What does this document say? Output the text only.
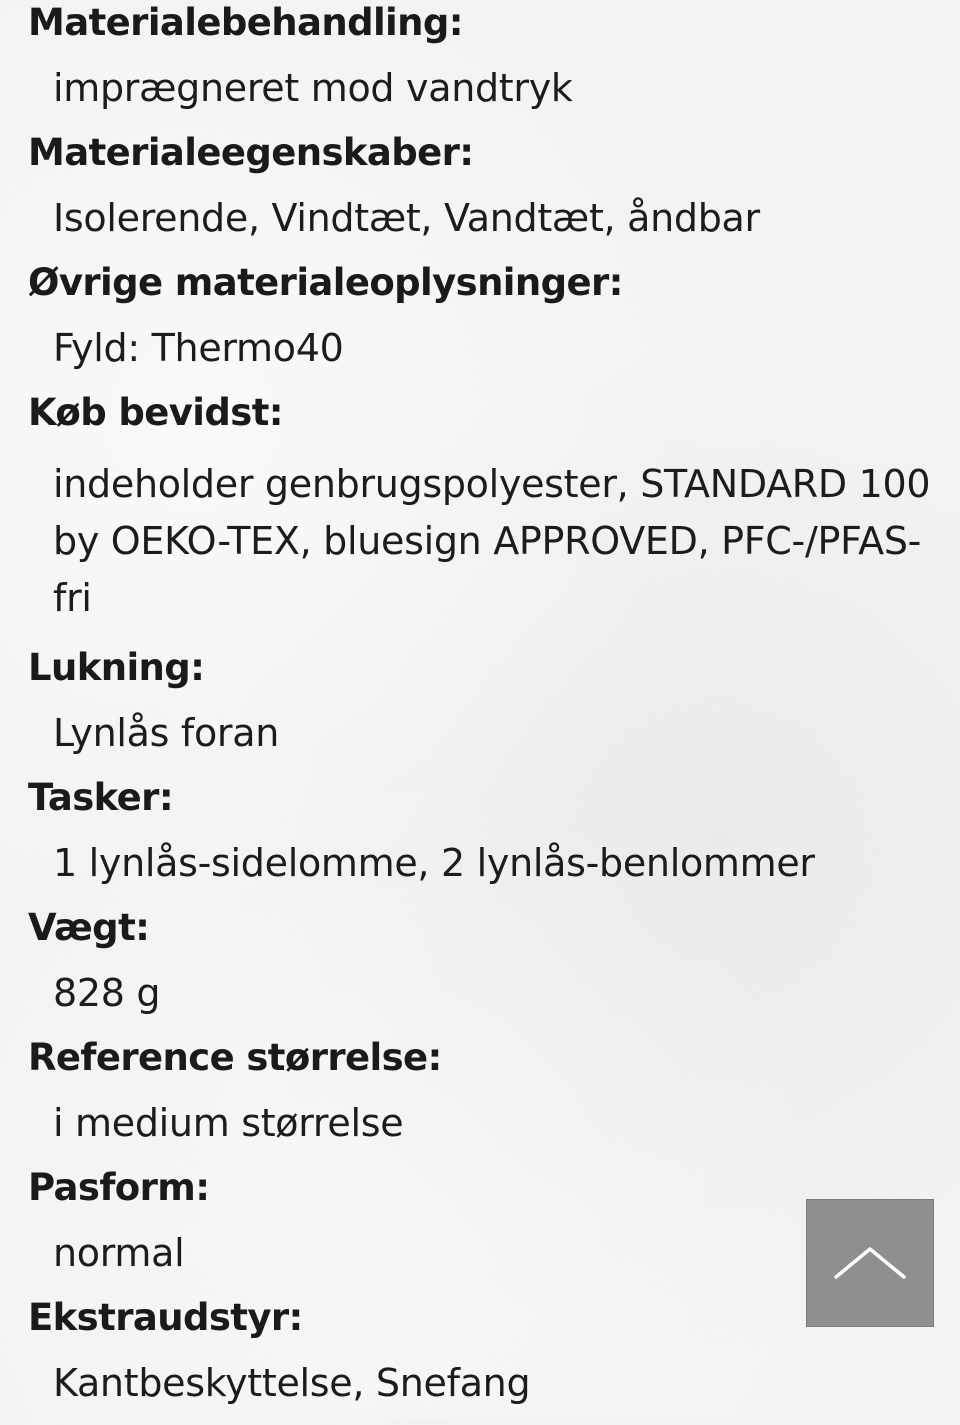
Materialebehandling:
imprægneret mod vandtryk
Materialeegenskaber:
Isolerende, Vindtæt, Vandtæt, åndbar
Øvrige materialeoplysninger:
Fyld: Thermo40
Køb bevidst:
indeholder genbrugspolyester, STANDARD 100 by OEKO-TEX, bluesign APPROVED, PFC-/PFAS-fri
Lukning:
Lynlås foran
Tasker:
1 lynlås-sidelomme, 2 lynlås-benlommer
Vægt:
828 g
Reference størrelse:
i medium størrelse
Pasform:
normal
Ekstraudstyr:
Kantbeskyttelse, Snefang
